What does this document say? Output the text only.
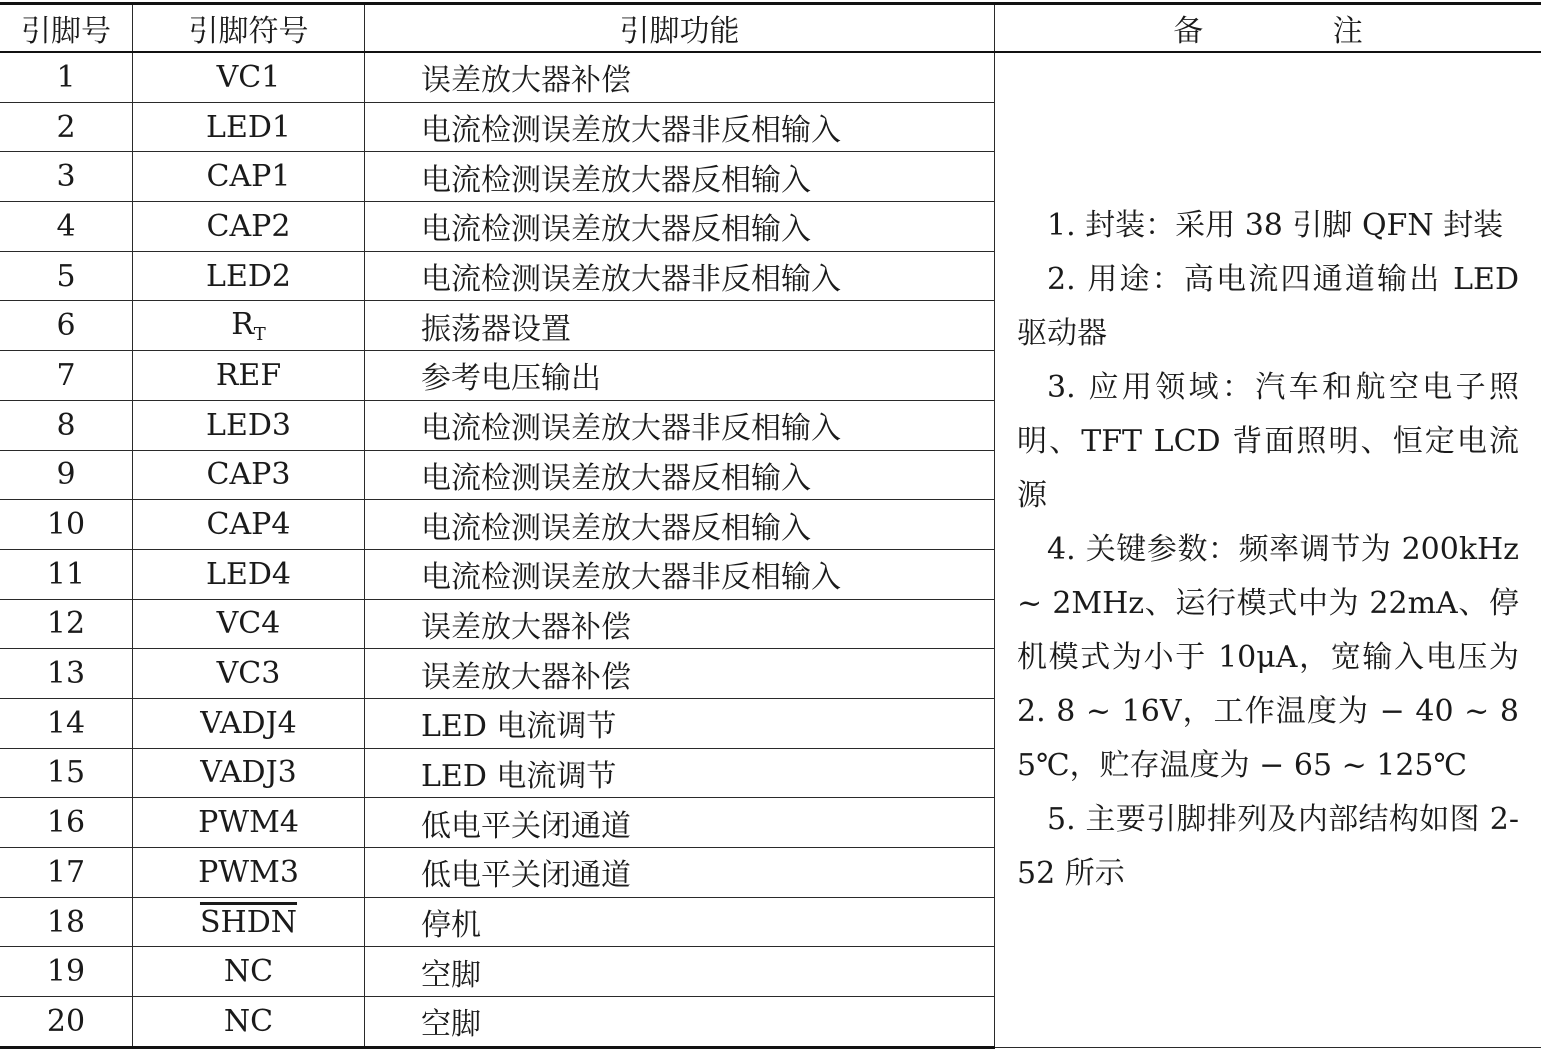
引脚号	引脚符号	引脚功能	备 注
1	VC1	误差放大器补偿	1. 封装：采用 38 引脚 QFN 封装

2. 用途：高电流四通道输出 LED 驱动器

3. 应用领域：汽车和航空电子照明、TFT LCD 背面照明、恒定电流源

4. 关键参数：频率调节为 200kHz ~ 2MHz、运行模式中为 22mA、停机模式为小于 10μA，宽输入电压为 2. 8 ~ 16V，工作温度为 − 40 ~ 85℃，贮存温度为 − 65 ~ 125℃

5. 主要引脚排列及内部结构如图 2-52 所示

2	LED1	电流检测误差放大器非反相输入	
3	CAP1	电流检测误差放大器反相输入	
4	CAP2	电流检测误差放大器反相输入	
5	LED2	电流检测误差放大器非反相输入	
6	$R_T$	振荡器设置	
7	REF	参考电压输出	
8	LED3	电流检测误差放大器非反相输入	
9	CAP3	电流检测误差放大器反相输入	
10	CAP4	电流检测误差放大器反相输入	
11	LED4	电流检测误差放大器非反相输入	
12	VC4	误差放大器补偿	
13	VC3	误差放大器补偿	
14	VADJ4	LED 电流调节	
15	VADJ3	LED 电流调节	
16	PWM4	低电平关闭通道	
17	PWM3	低电平关闭通道	
18	SHDN	停机	
19	NC	空脚	
20	NC	空脚	
